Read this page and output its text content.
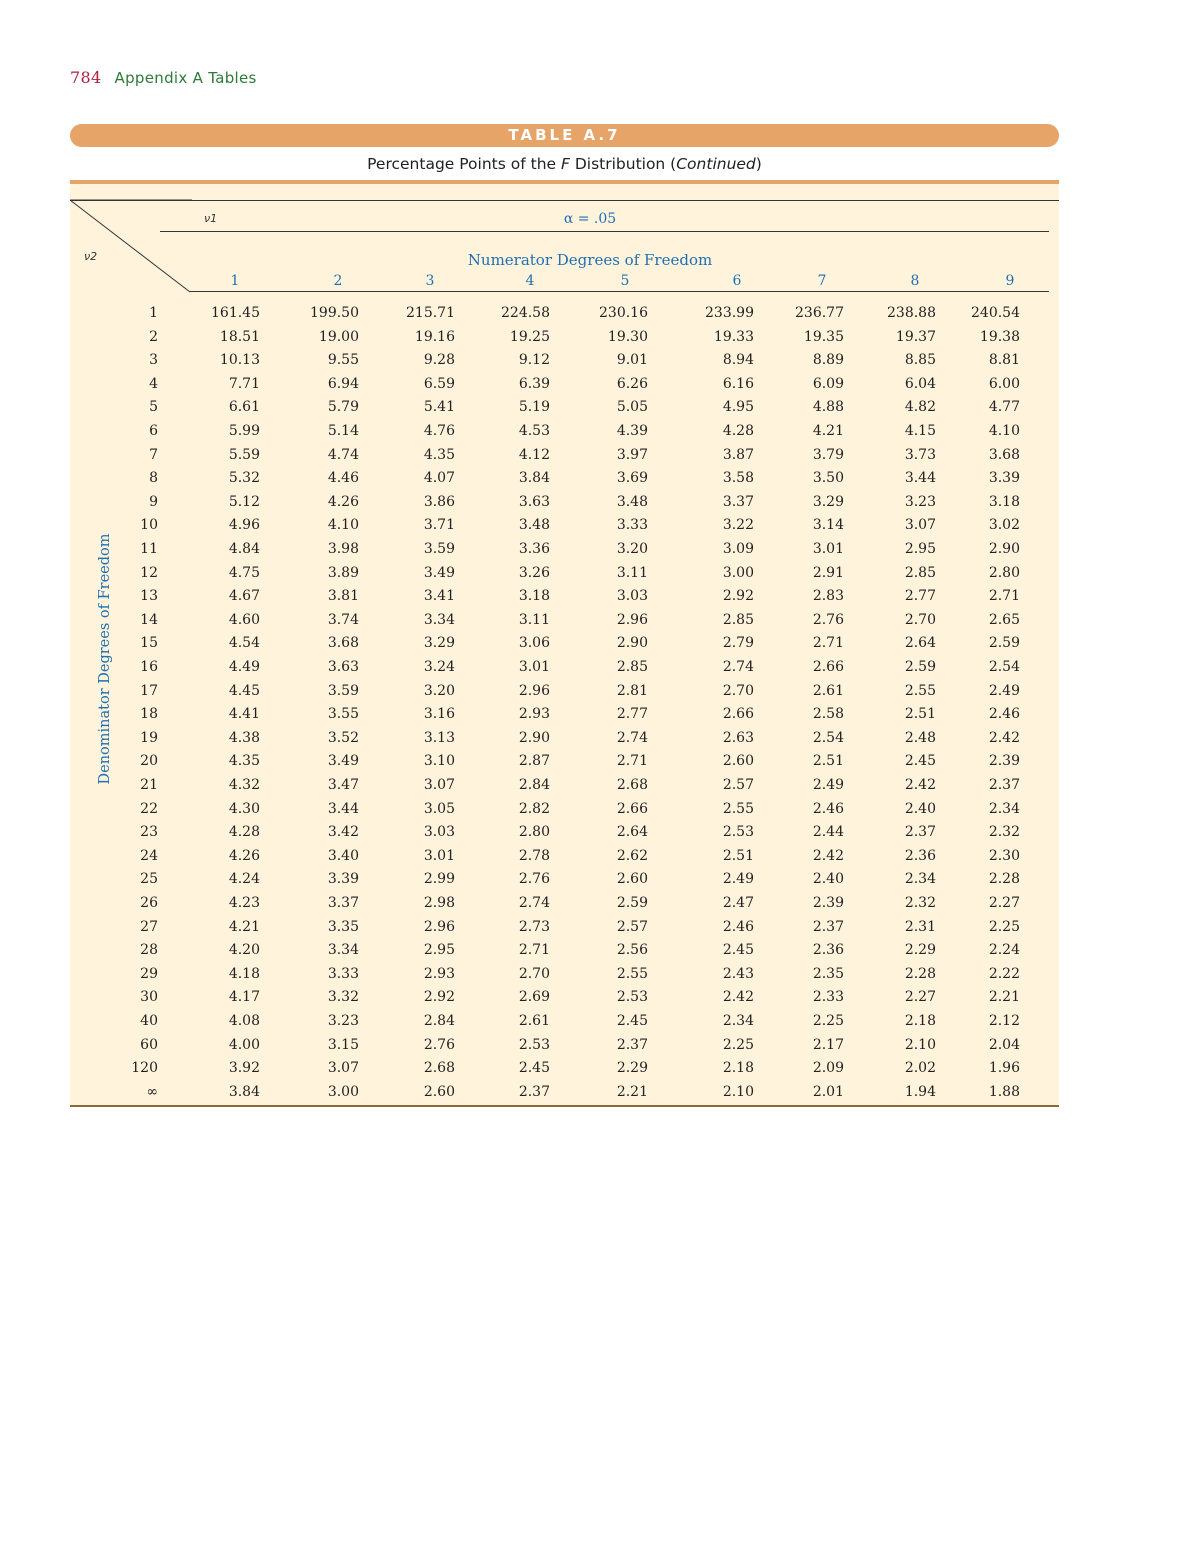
784 Appendix A Tables
TABLE A.7
Percentage Points of the F Distribution (Continued)
ν1
ν2
α = .05
Numerator Degrees of Freedom
1	2	3	4	5	6	7	8	9
Denominator Degrees of Freedom
1	161.45	199.50	215.71	224.58	230.16	233.99	236.77	238.88	240.54
2	18.51	19.00	19.16	19.25	19.30	19.33	19.35	19.37	19.38
3	10.13	9.55	9.28	9.12	9.01	8.94	8.89	8.85	8.81
4	7.71	6.94	6.59	6.39	6.26	6.16	6.09	6.04	6.00
5	6.61	5.79	5.41	5.19	5.05	4.95	4.88	4.82	4.77
6	5.99	5.14	4.76	4.53	4.39	4.28	4.21	4.15	4.10
7	5.59	4.74	4.35	4.12	3.97	3.87	3.79	3.73	3.68
8	5.32	4.46	4.07	3.84	3.69	3.58	3.50	3.44	3.39
9	5.12	4.26	3.86	3.63	3.48	3.37	3.29	3.23	3.18
10	4.96	4.10	3.71	3.48	3.33	3.22	3.14	3.07	3.02
11	4.84	3.98	3.59	3.36	3.20	3.09	3.01	2.95	2.90
12	4.75	3.89	3.49	3.26	3.11	3.00	2.91	2.85	2.80
13	4.67	3.81	3.41	3.18	3.03	2.92	2.83	2.77	2.71
14	4.60	3.74	3.34	3.11	2.96	2.85	2.76	2.70	2.65
15	4.54	3.68	3.29	3.06	2.90	2.79	2.71	2.64	2.59
16	4.49	3.63	3.24	3.01	2.85	2.74	2.66	2.59	2.54
17	4.45	3.59	3.20	2.96	2.81	2.70	2.61	2.55	2.49
18	4.41	3.55	3.16	2.93	2.77	2.66	2.58	2.51	2.46
19	4.38	3.52	3.13	2.90	2.74	2.63	2.54	2.48	2.42
20	4.35	3.49	3.10	2.87	2.71	2.60	2.51	2.45	2.39
21	4.32	3.47	3.07	2.84	2.68	2.57	2.49	2.42	2.37
22	4.30	3.44	3.05	2.82	2.66	2.55	2.46	2.40	2.34
23	4.28	3.42	3.03	2.80	2.64	2.53	2.44	2.37	2.32
24	4.26	3.40	3.01	2.78	2.62	2.51	2.42	2.36	2.30
25	4.24	3.39	2.99	2.76	2.60	2.49	2.40	2.34	2.28
26	4.23	3.37	2.98	2.74	2.59	2.47	2.39	2.32	2.27
27	4.21	3.35	2.96	2.73	2.57	2.46	2.37	2.31	2.25
28	4.20	3.34	2.95	2.71	2.56	2.45	2.36	2.29	2.24
29	4.18	3.33	2.93	2.70	2.55	2.43	2.35	2.28	2.22
30	4.17	3.32	2.92	2.69	2.53	2.42	2.33	2.27	2.21
40	4.08	3.23	2.84	2.61	2.45	2.34	2.25	2.18	2.12
60	4.00	3.15	2.76	2.53	2.37	2.25	2.17	2.10	2.04
120	3.92	3.07	2.68	2.45	2.29	2.18	2.09	2.02	1.96
∞	3.84	3.00	2.60	2.37	2.21	2.10	2.01	1.94	1.88
